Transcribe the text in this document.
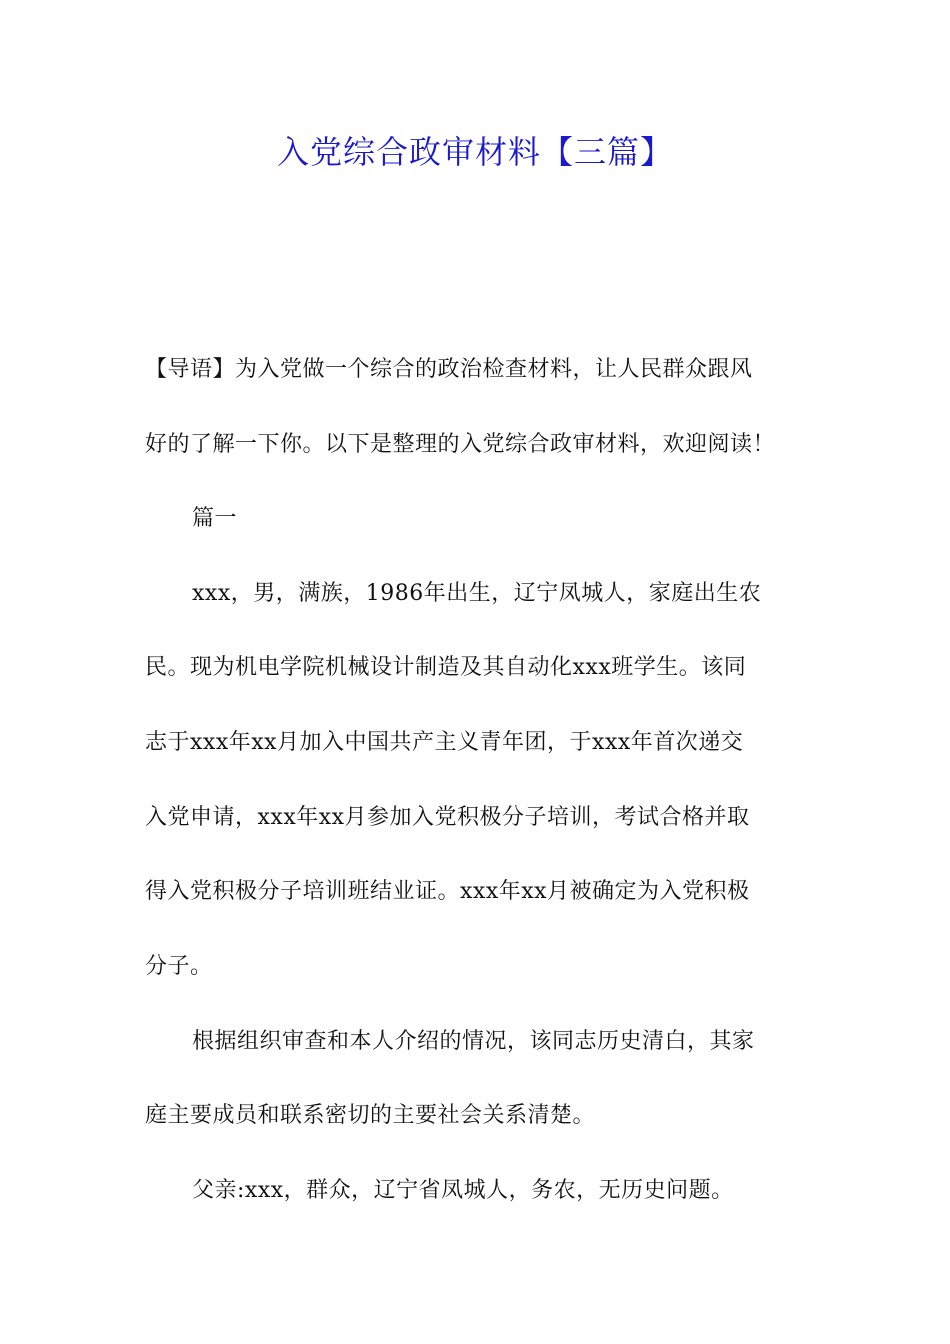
入党综合政审材料【三篇】
【导语】为入党做一个综合的政治检查材料，让人民群众跟风
好的了解一下你。以下是整理的入党综合政审材料，欢迎阅读！
篇一
xxx，男，满族，1986年出生，辽宁凤城人，家庭出生农
民。现为机电学院机械设计制造及其自动化xxx班学生。该同
志于xxx年xx月加入中国共产主义青年团，于xxx年首次递交
入党申请，xxx年xx月参加入党积极分子培训，考试合格并取
得入党积极分子培训班结业证。xxx年xx月被确定为入党积极
分子。
根据组织审查和本人介绍的情况，该同志历史清白，其家
庭主要成员和联系密切的主要社会关系清楚。
父亲:xxx，群众，辽宁省凤城人，务农，无历史问题。
